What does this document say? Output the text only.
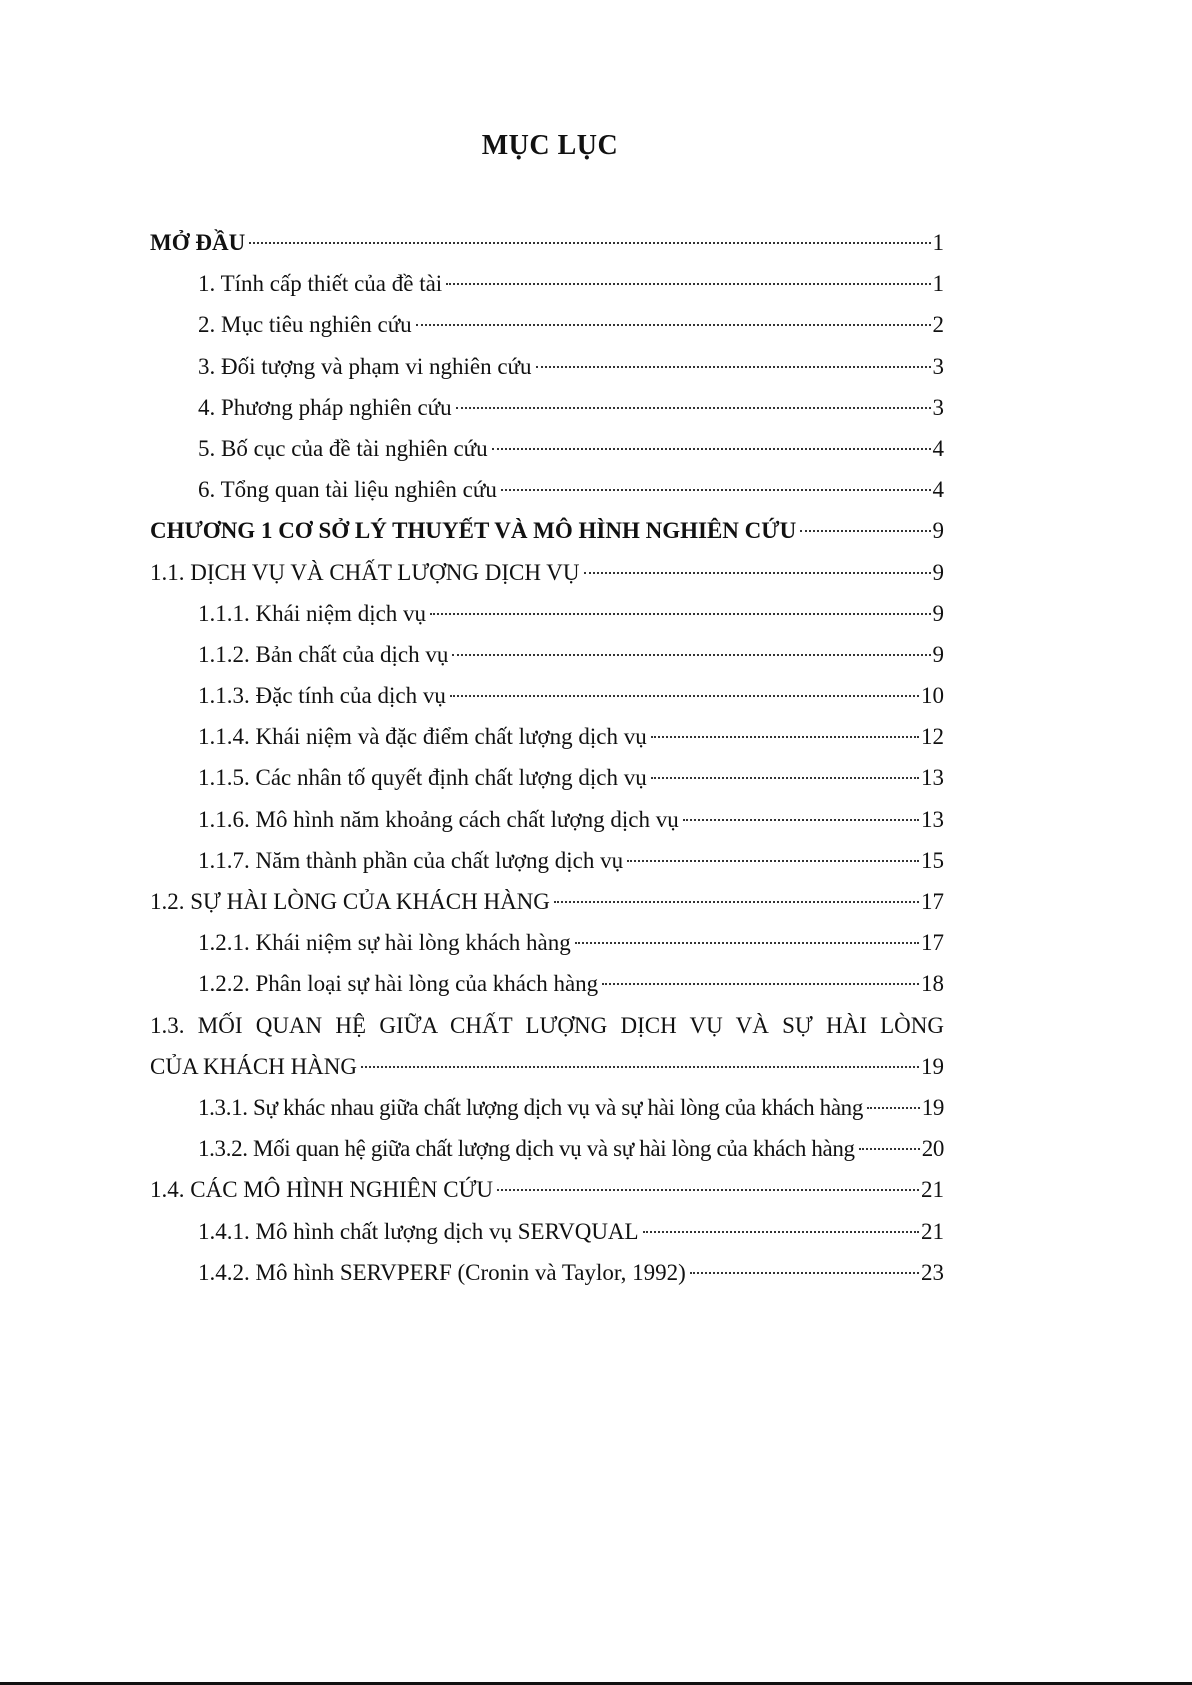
MỤC LỤC
MỞ ĐẦU	1
1. Tính cấp thiết của đề tài	1
2. Mục tiêu nghiên cứu	2
3. Đối tượng và phạm vi nghiên cứu	3
4. Phương pháp nghiên cứu	3
5. Bố cục của đề tài nghiên cứu	4
6. Tổng quan tài liệu nghiên cứu	4
CHƯƠNG 1 CƠ SỞ LÝ THUYẾT VÀ MÔ HÌNH NGHIÊN CỨU	9
1.1. DỊCH VỤ VÀ CHẤT LƯỢNG DỊCH VỤ	9
1.1.1. Khái niệm dịch vụ	9
1.1.2. Bản chất của dịch vụ	9
1.1.3. Đặc tính của dịch vụ	10
1.1.4. Khái niệm và đặc điểm chất lượng dịch vụ	12
1.1.5. Các nhân tố quyết định chất lượng dịch vụ	13
1.1.6. Mô hình năm khoảng cách chất lượng dịch vụ	13
1.1.7. Năm thành phần của chất lượng dịch vụ	15
1.2. SỰ HÀI LÒNG CỦA KHÁCH HÀNG	17
1.2.1. Khái niệm sự hài lòng khách hàng	17
1.2.2. Phân loại sự hài lòng của khách hàng	18
1.3. MỐI QUAN HỆ GIỮA CHẤT LƯỢNG DỊCH VỤ VÀ SỰ HÀI LÒNG
CỦA KHÁCH HÀNG	19
1.3.1. Sự khác nhau giữa chất lượng dịch vụ và sự hài lòng của khách hàng	19
1.3.2. Mối quan hệ giữa chất lượng dịch vụ và sự hài lòng của khách hàng	20
1.4. CÁC MÔ HÌNH NGHIÊN CỨU	21
1.4.1. Mô hình chất lượng dịch vụ SERVQUAL	21
1.4.2. Mô hình SERVPERF (Cronin và Taylor, 1992)	23
